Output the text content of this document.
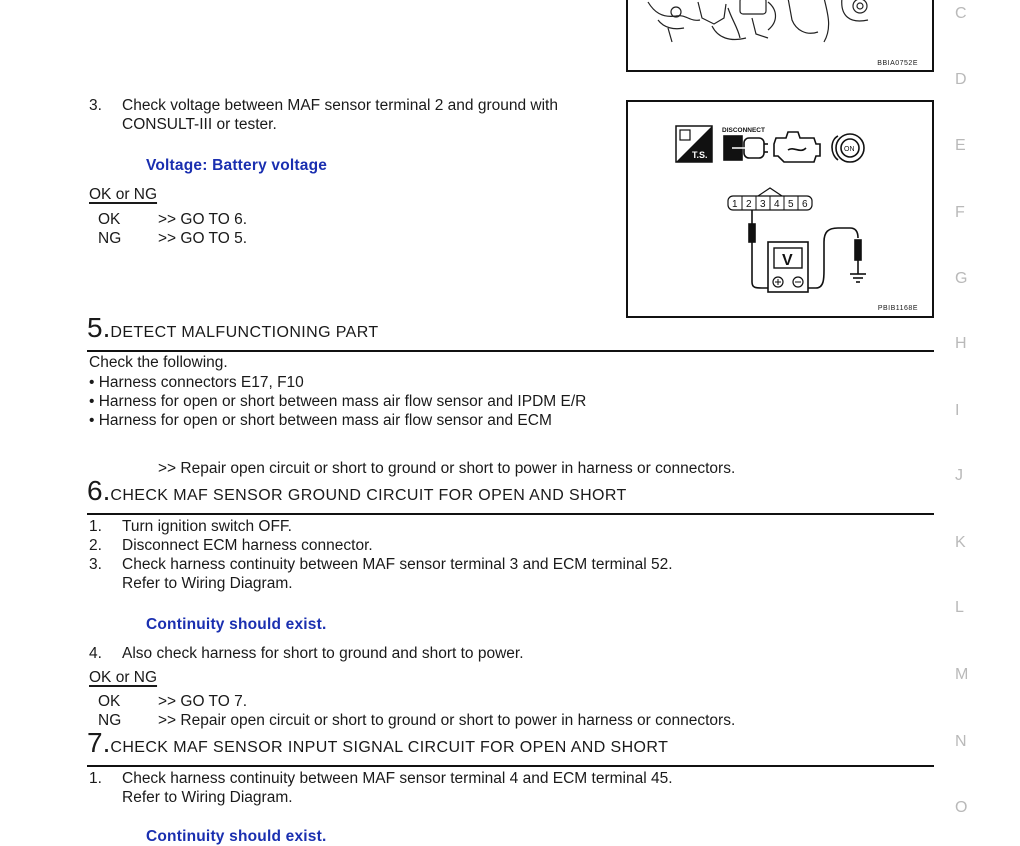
BBIA0752E
T.S.
DISCONNECT
ON
1 2 3 4 5 6
V
PBIB1168E
3. Check voltage between MAF sensor terminal 2 and ground with
CONSULT-III or tester.
Voltage: Battery voltage
OK or NG
OK >> GO TO 6.
NG >> GO TO 5.
5.DETECT MALFUNCTIONING PART
Check the following.
• Harness connectors E17, F10
• Harness for open or short between mass air flow sensor and IPDM E/R
• Harness for open or short between mass air flow sensor and ECM
>> Repair open circuit or short to ground or short to power in harness or connectors.
6.CHECK MAF SENSOR GROUND CIRCUIT FOR OPEN AND SHORT
1. Turn ignition switch OFF.
2. Disconnect ECM harness connector.
3. Check harness continuity between MAF sensor terminal 3 and ECM terminal 52.
Refer to Wiring Diagram.
Continuity should exist.
4. Also check harness for short to ground and short to power.
OK or NG
OK >> GO TO 7.
NG >> Repair open circuit or short to ground or short to power in harness or connectors.
7.CHECK MAF SENSOR INPUT SIGNAL CIRCUIT FOR OPEN AND SHORT
1. Check harness continuity between MAF sensor terminal 4 and ECM terminal 45.
Refer to Wiring Diagram.
Continuity should exist.
C
D
E
F
G
H
I
J
K
L
M
N
O
